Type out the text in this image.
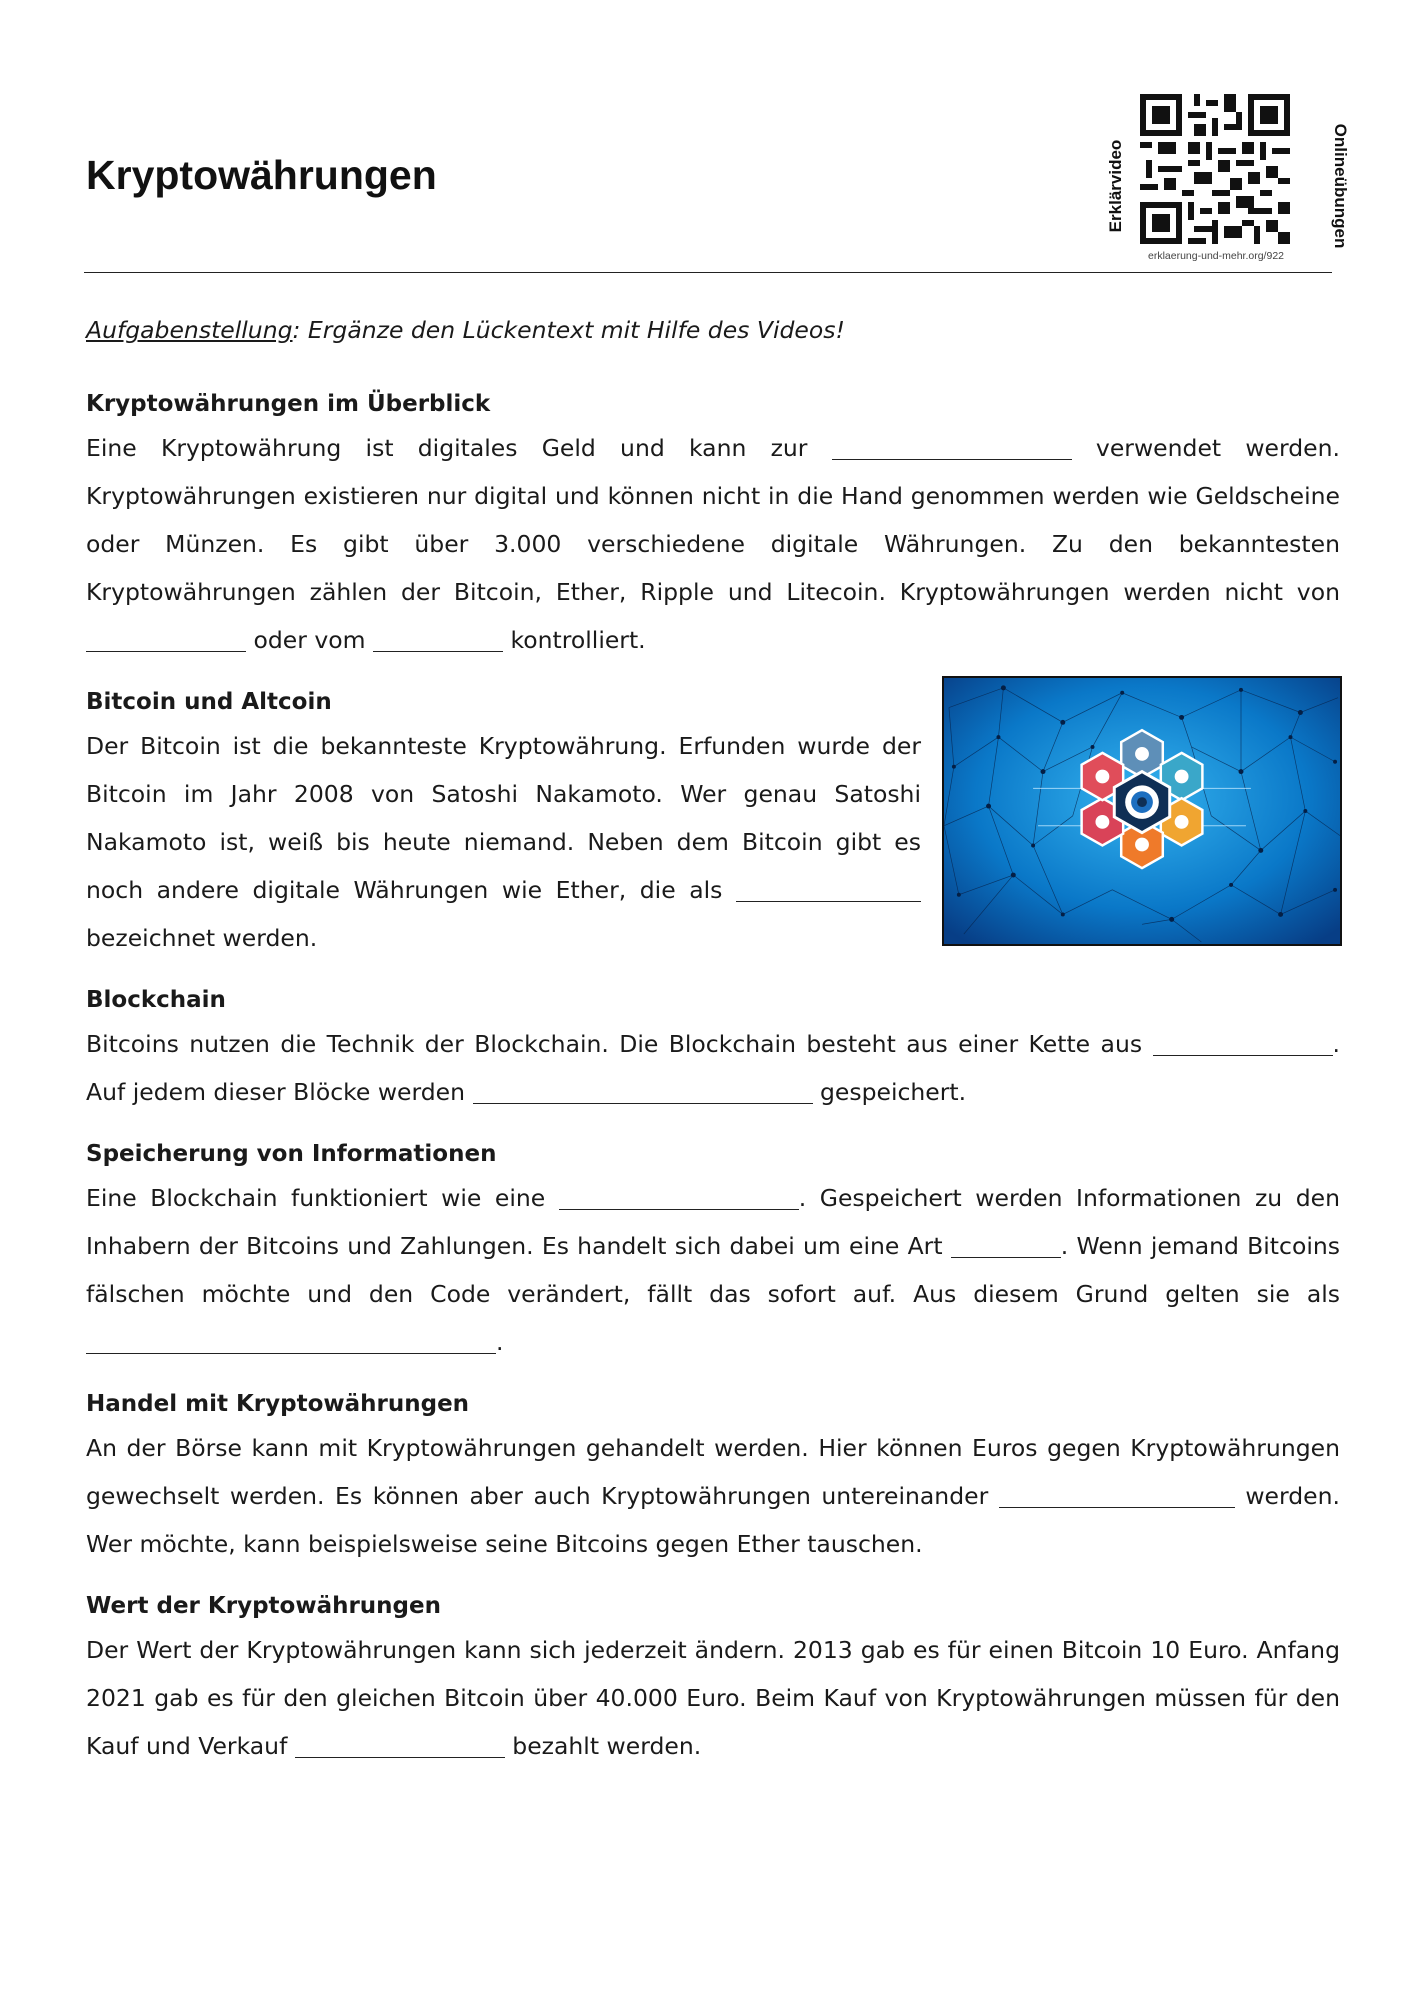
Kryptowährungen	Erklärvideo	Onlineübungen
erklaerung-und-mehr.org/922

Aufgabenstellung: Ergänze den Lückentext mit Hilfe des Videos!

Kryptowährungen im Überblick

Eine Kryptowährung ist digitales Geld und kann zur	verwendet werden. Kryptowährungen existieren nur digital und können nicht in die Hand genommen werden wie Geldscheine oder Münzen. Es gibt über 3.000 verschiedene digitale Währungen. Zu den bekanntesten Kryptowährungen zählen der Bitcoin, Ether, Ripple und Litecoin. Kryptowährungen werden nicht von  oder vom	kontrolliert.

Bitcoin und Altcoin

Der Bitcoin ist die bekannteste Kryptowährung. Erfunden wurde der Bitcoin im Jahr 2008 von Satoshi Nakamoto. Wer genau Satoshi Nakamoto ist, weiß bis heute niemand. Neben dem Bitcoin gibt es noch andere digitale Währungen wie Ether, die als  bezeichnet werden.

Blockchain

Bitcoins nutzen die Technik der Blockchain. Die Blockchain besteht aus einer Kette aus	. Auf jedem dieser Blöcke werden	gespeichert.

Speicherung von Informationen

Eine Blockchain funktioniert wie eine	. Gespeichert werden Informationen zu den Inhabern der Bitcoins und Zahlungen. Es handelt sich dabei um eine Art	. Wenn jemand Bitcoins fälschen möchte und den Code verändert, fällt das sofort auf. Aus diesem Grund gelten sie als .

Handel mit Kryptowährungen

An der Börse kann mit Kryptowährungen gehandelt werden. Hier können Euros gegen Kryptowährungen gewechselt werden. Es können aber auch Kryptowährungen untereinander	werden. Wer möchte, kann beispielsweise seine Bitcoins gegen Ether tauschen.

Wert der Kryptowährungen

Der Wert der Kryptowährungen kann sich jederzeit ändern. 2013 gab es für einen Bitcoin 10 Euro. Anfang 2021 gab es für den gleichen Bitcoin über 40.000 Euro. Beim Kauf von Kryptowährungen müssen für den Kauf und Verkauf	bezahlt werden.
